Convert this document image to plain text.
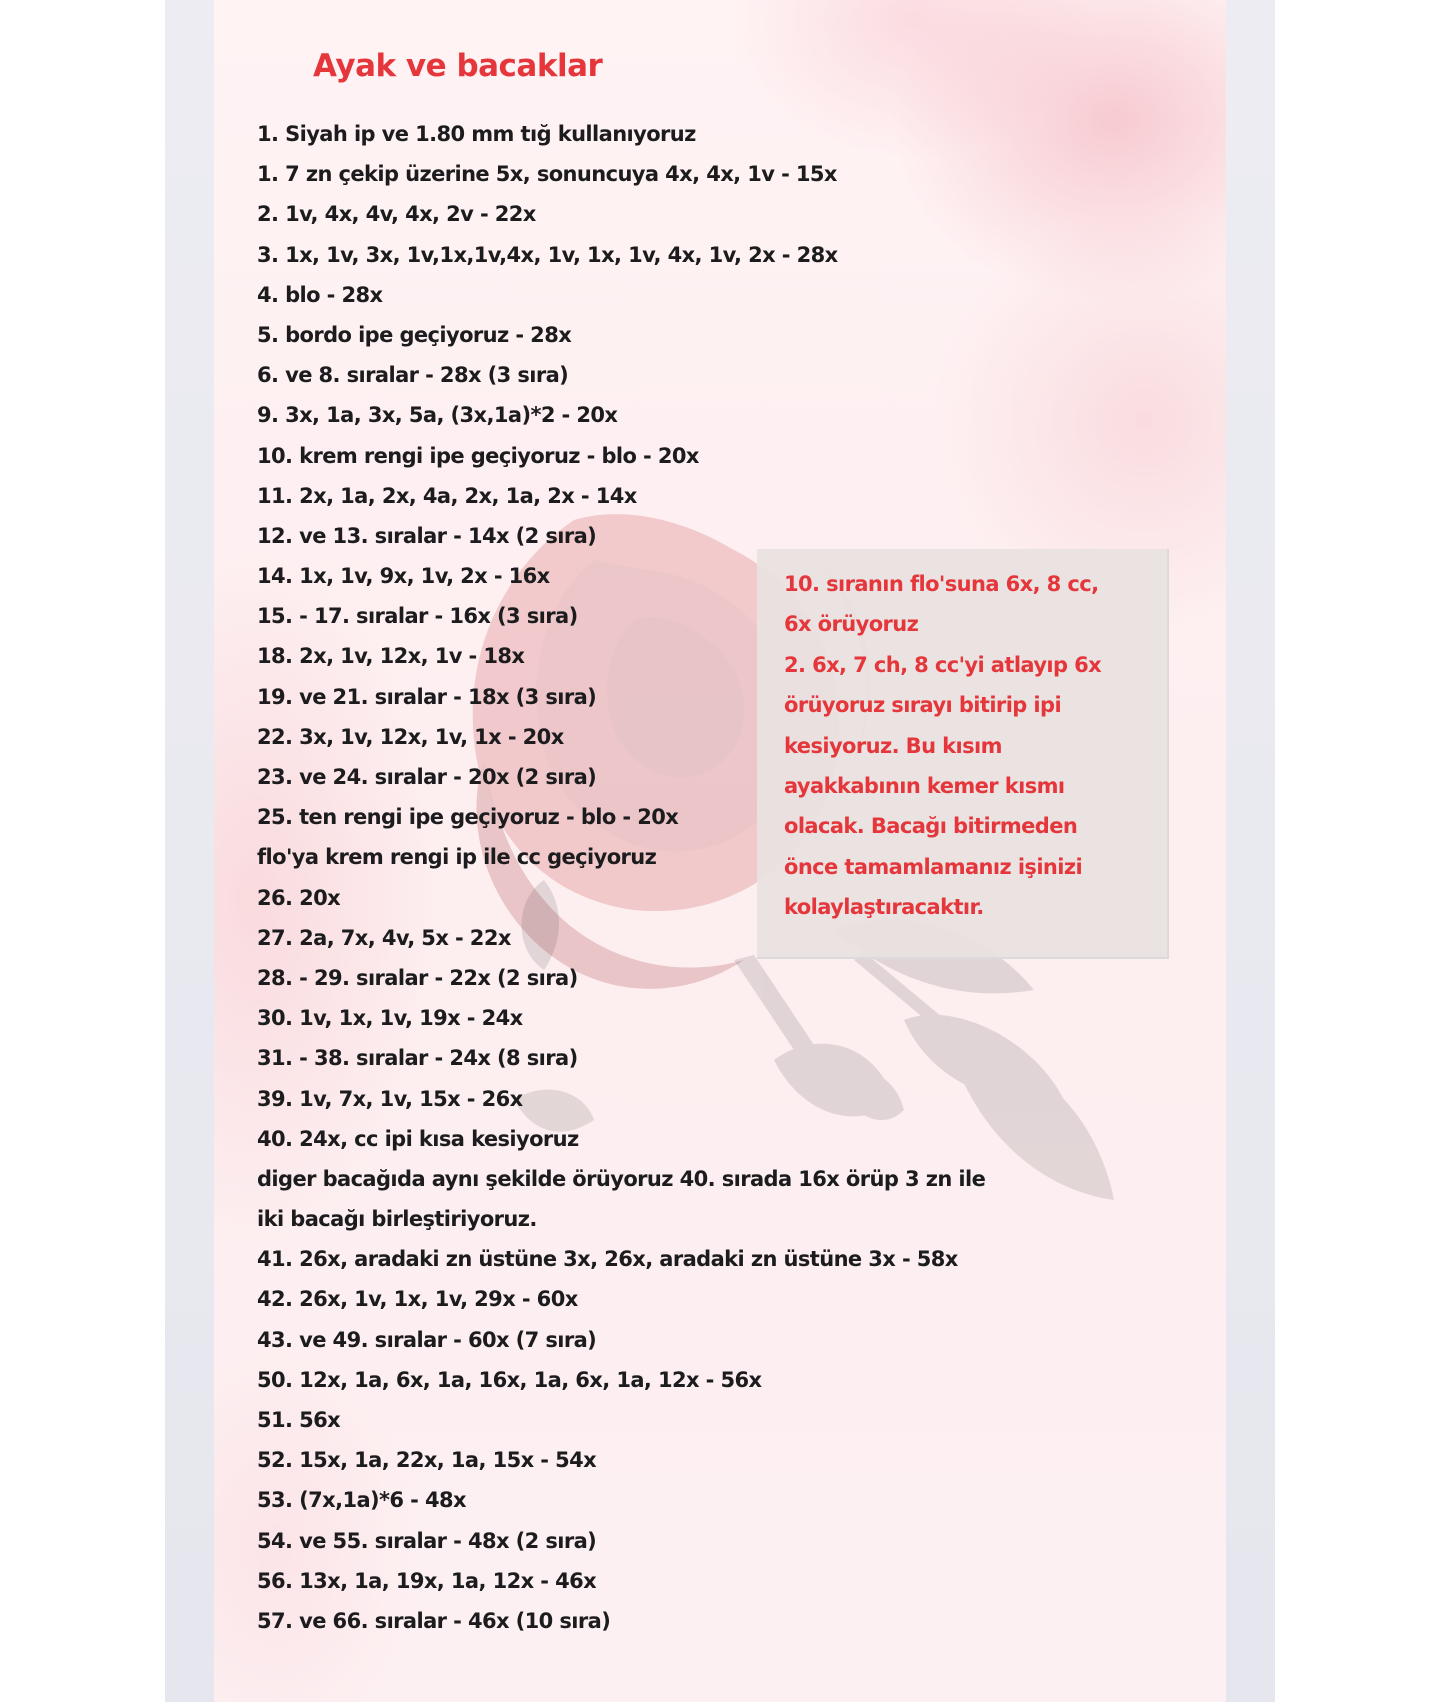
Ayak ve bacaklar
1. Siyah ip ve 1.80 mm tığ kullanıyoruz
1. 7 zn çekip üzerine 5x, sonuncuya 4x, 4x, 1v - 15x
2. 1v, 4x, 4v, 4x, 2v - 22x
3. 1x, 1v, 3x, 1v,1x,1v,4x, 1v, 1x, 1v, 4x, 1v, 2x - 28x
4. blo - 28x
5. bordo ipe geçiyoruz - 28x
6. ve 8. sıralar - 28x (3 sıra)
9. 3x, 1a, 3x, 5a, (3x,1a)*2 - 20x
10. krem rengi ipe geçiyoruz - blo - 20x
11. 2x, 1a, 2x, 4a, 2x, 1a, 2x - 14x
12. ve 13. sıralar - 14x (2 sıra)
14. 1x, 1v, 9x, 1v, 2x - 16x
15. - 17. sıralar - 16x (3 sıra)
18. 2x, 1v, 12x, 1v - 18x
19. ve 21. sıralar - 18x (3 sıra)
22. 3x, 1v, 12x, 1v, 1x - 20x
23. ve 24. sıralar - 20x (2 sıra)
25. ten rengi ipe geçiyoruz - blo - 20x
flo'ya krem rengi ip ile cc geçiyoruz
26. 20x
27. 2a, 7x, 4v, 5x - 22x
28. - 29. sıralar - 22x (2 sıra)
30. 1v, 1x, 1v, 19x - 24x
31. - 38. sıralar - 24x (8 sıra)
39. 1v, 7x, 1v, 15x - 26x
40. 24x, cc ipi kısa kesiyoruz
diger bacağıda aynı şekilde örüyoruz 40. sırada 16x örüp 3 zn ile
iki bacağı birleştiriyoruz.
41. 26x, aradaki zn üstüne 3x, 26x, aradaki zn üstüne 3x - 58x
42. 26x, 1v, 1x, 1v, 29x - 60x
43. ve 49. sıralar - 60x (7 sıra)
50. 12x, 1a, 6x, 1a, 16x, 1a, 6x, 1a, 12x - 56x
51. 56x
52. 15x, 1a, 22x, 1a, 15x - 54x
53. (7x,1a)*6 - 48x
54. ve 55. sıralar - 48x (2 sıra)
56. 13x, 1a, 19x, 1a, 12x - 46x
57. ve 66. sıralar - 46x (10 sıra)
10. sıranın flo'suna 6x, 8 cc,
6x örüyoruz
2. 6x, 7 ch, 8 cc'yi atlayıp 6x
örüyoruz sırayı bitirip ipi
kesiyoruz. Bu kısım
ayakkabının kemer kısmı
olacak. Bacağı bitirmeden
önce tamamlamanız işinizi
kolaylaştıracaktır.
